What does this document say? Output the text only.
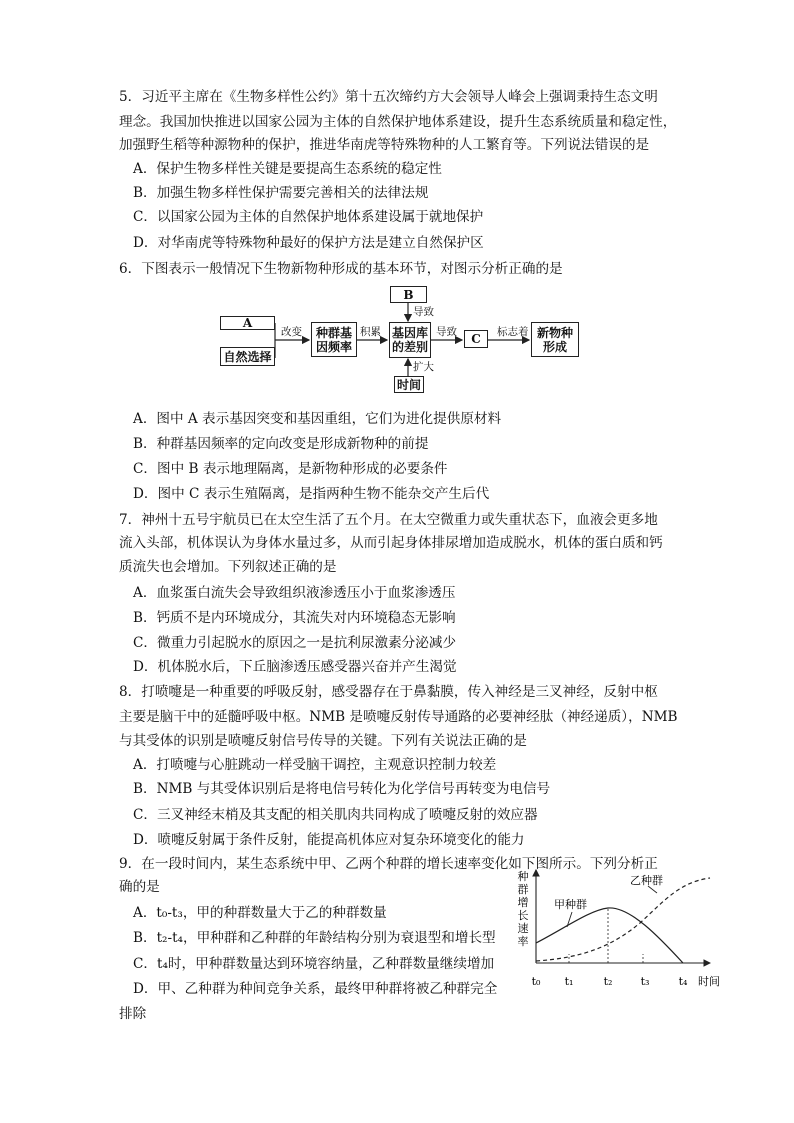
5．习近平主席在《生物多样性公约》第十五次缔约方大会领导人峰会上强调秉持生态文明
理念。我国加快推进以国家公园为主体的自然保护地体系建设，提升生态系统质量和稳定性，
加强野生稻等种源物种的保护，推进华南虎等特殊物种的人工繁育等。下列说法错误的是
A．保护生物多样性关键是要提高生态系统的稳定性
B．加强生物多样性保护需要完善相关的法律法规
C．以国家公园为主体的自然保护地体系建设属于就地保护
D．对华南虎等特殊物种最好的保护方法是建立自然保护区
6．下图表示一般情况下生物新物种形成的基本环节，对图示分析正确的是
A
自然选择
改变	种群基因频率
积累
B
导致
基因库的差别
扩大
时间
导致	C	标志着 新物种形成
A．图中 A 表示基因突变和基因重组，它们为进化提供原材料
B．种群基因频率的定向改变是形成新物种的前提
C．图中 B 表示地理隔离，是新物种形成的必要条件
D．图中 C 表示生殖隔离，是指两种生物不能杂交产生后代
7．神州十五号宇航员已在太空生活了五个月。在太空微重力或失重状态下，血液会更多地
流入头部，机体误认为身体水量过多，从而引起身体排尿增加造成脱水，机体的蛋白质和钙
质流失也会增加。下列叙述正确的是
A．血浆蛋白流失会导致组织液渗透压小于血浆渗透压
B．钙质不是内环境成分，其流失对内环境稳态无影响
C．微重力引起脱水的原因之一是抗利尿激素分泌减少
D．机体脱水后，下丘脑渗透压感受器兴奋并产生渴觉
8．打喷嚏是一种重要的呼吸反射，感受器存在于鼻黏膜，传入神经是三叉神经，反射中枢
主要是脑干中的延髓呼吸中枢。NMB 是喷嚏反射传导通路的必要神经肽（神经递质），NMB
与其受体的识别是喷嚏反射信号传导的关键。下列有关说法正确的是
A．打喷嚏与心脏跳动一样受脑干调控，主观意识控制力较差
B．NMB 与其受体识别后是将电信号转化为化学信号再转变为电信号
C．三叉神经末梢及其支配的相关肌肉共同构成了喷嚏反射的效应器
D．喷嚏反射属于条件反射，能提高机体应对复杂环境变化的能力
9．在一段时间内，某生态系统中甲、乙两个种群的增长速率变化如下图所示。下列分析正
确的是
A．t₀-t₃，甲的种群数量大于乙的种群数量
B．t₂-t₄，甲种群和乙种群的年龄结构分别为衰退型和增长型
C．t₄时，甲种群数量达到环境容纳量，乙种群数量继续增加
D．甲、乙种群为种间竞争关系，最终甲种群将被乙种群完全
排除
种
群
增
长
速
率
甲种群
乙种群
t₀ t₁	t₂	t₃	t₄ 时间
